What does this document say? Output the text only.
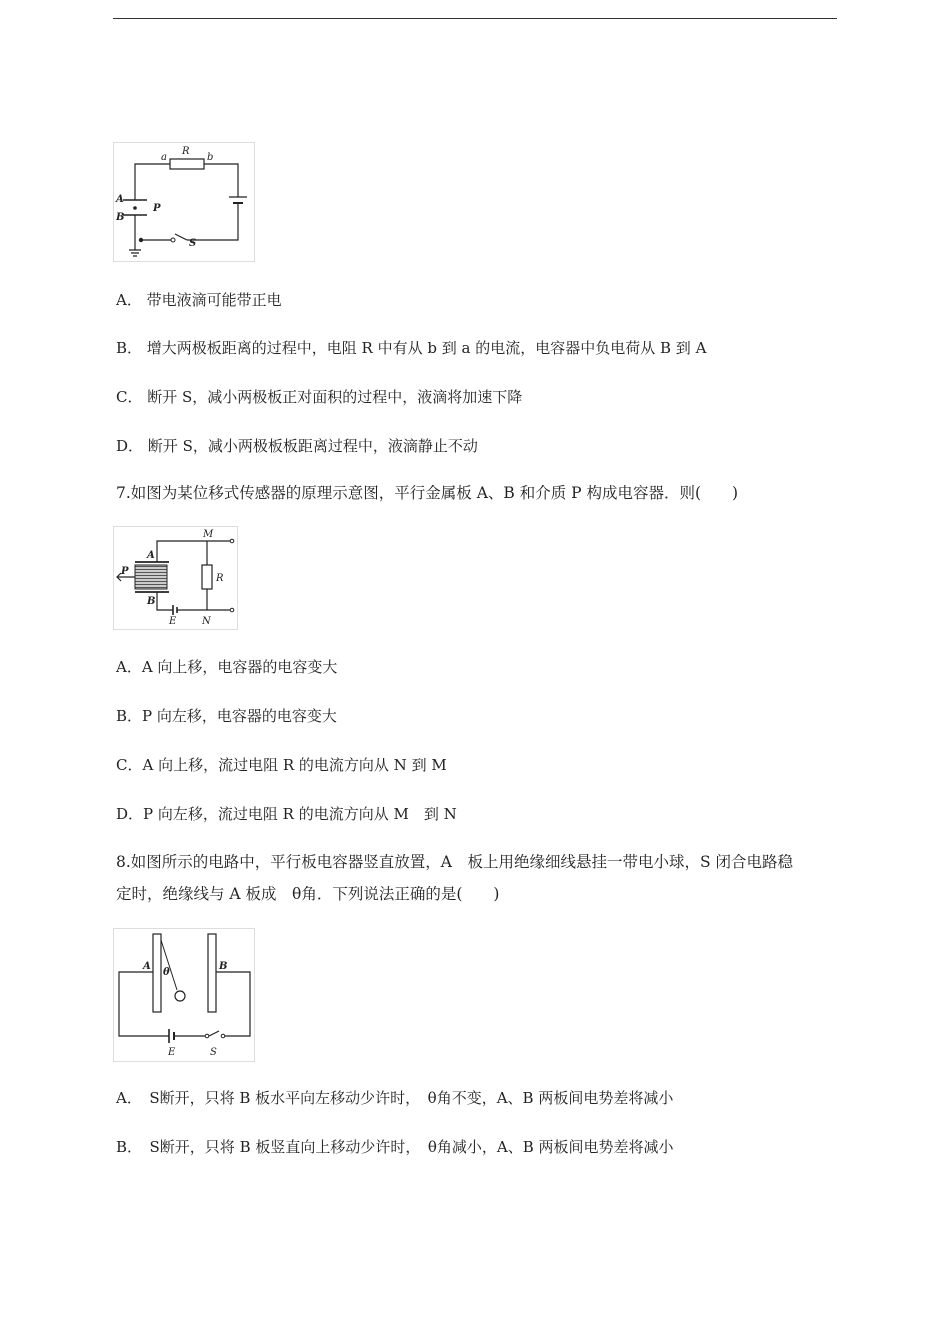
R
a	b
A
B
P
S
A． 带电液滴可能带正电
B． 增大两极板距离的过程中，电阻 R 中有从 b 到 a 的电流，电容器中负电荷从 B 到 A
C． 断开 S，减小两极板正对面积的过程中，液滴将加速下降
D． 断开 S，减小两极板板距离过程中，液滴静止不动
7.如图为某位移式传感器的原理示意图，平行金属板 A、B 和介质 P 构成电容器．则(　　)
A
B
P
M
R
E	N
A．A 向上移，电容器的电容变大
B．P 向左移，电容器的电容变大
C．A 向上移，流过电阻 R 的电流方向从 N 到 M
D．P 向左移，流过电阻 R 的电流方向从 M　到 N
8.如图所示的电路中，平行板电容器竖直放置，A　板上用绝缘细线悬挂一带电小球，S 闭合电路稳
定时，绝缘线与 A 板成　θ角．下列说法正确的是(　　)
A	B
θ
E	S
A．　S断开，只将 B 板水平向左移动少许时，　θ角不变，A、B 两板间电势差将减小
B．　S断开，只将 B 板竖直向上移动少许时，　θ角减小，A、B 两板间电势差将减小
